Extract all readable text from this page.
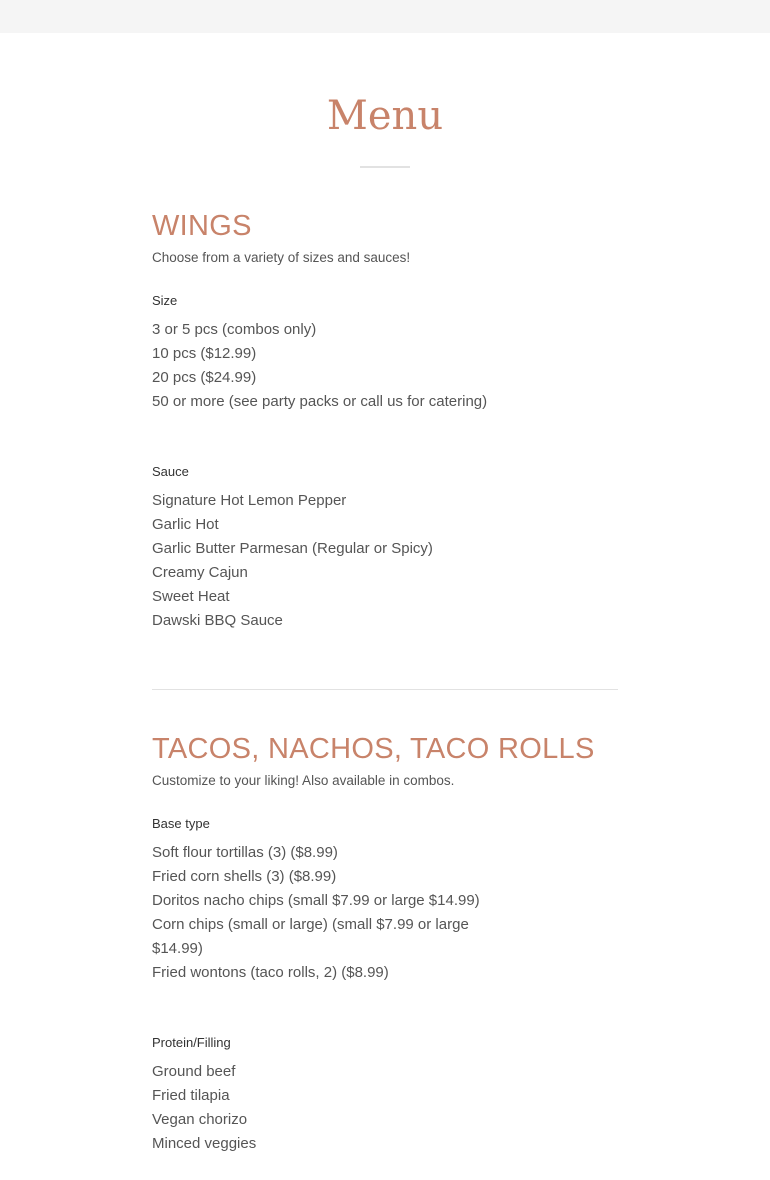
Menu
WINGS

Choose from a variety of sizes and sauces!

Size
3 or 5 pcs (combos only)
10 pcs ($12.99)
20 pcs ($24.99)
50 or more (see party packs or call us for catering)
Sauce
Signature Hot Lemon Pepper
Garlic Hot
Garlic Butter Parmesan (Regular or Spicy)
Creamy Cajun
Sweet Heat
Dawski BBQ Sauce
TACOS, NACHOS, TACO ROLLS

Customize to your liking! Also available in combos.

Base type
Soft flour tortillas (3) ($8.99)
Fried corn shells (3) ($8.99)
Doritos nacho chips (small $7.99 or large $14.99)
Corn chips (small or large) (small $7.99 or large $14.99)
Fried wontons (taco rolls, 2) ($8.99)
Protein/Filling
Ground beef
Fried tilapia
Vegan chorizo
Minced veggies
